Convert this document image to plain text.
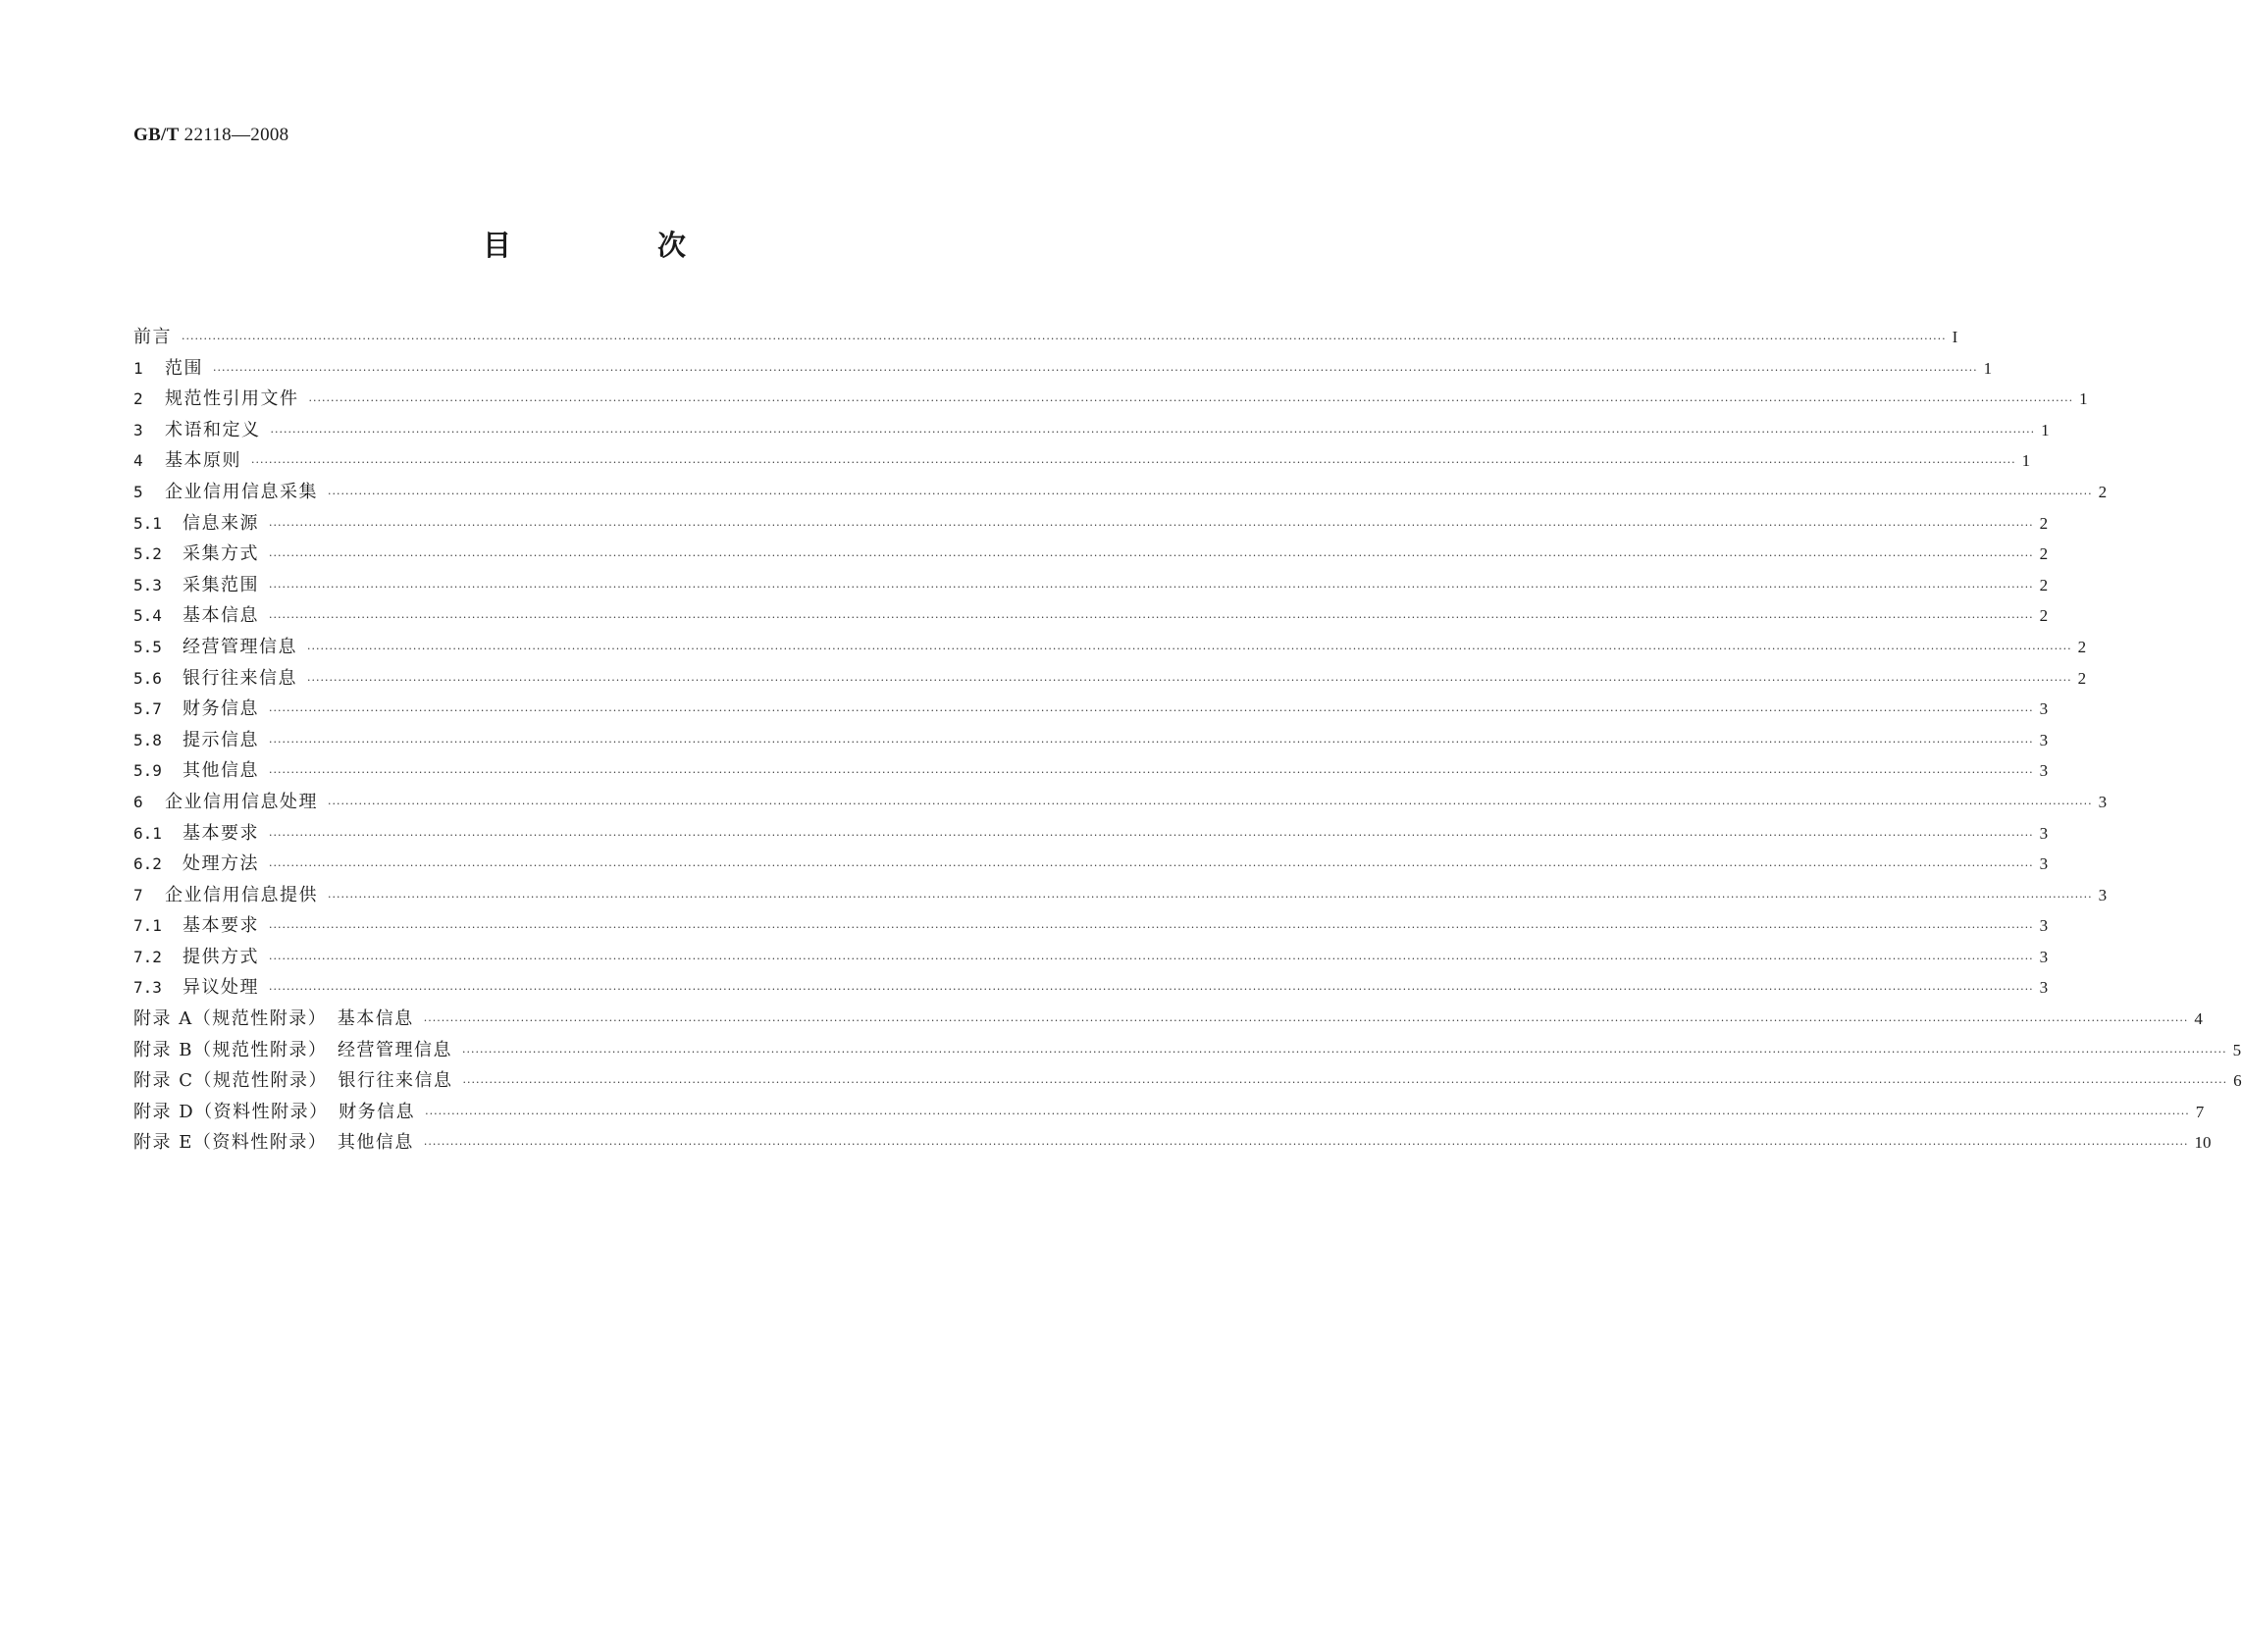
GB/T 22118—2008
目　次
前言 ················································································································································································································································································································································································································ I
1	范围 ················································································································································································································································································································································································································ 1
2	规范性引用文件 ················································································································································································································································································································································································································ 1
3	术语和定义 ················································································································································································································································································································································································································ 1
4	基本原则 ················································································································································································································································································································································································································ 1
5	企业信用信息采集 ················································································································································································································································································································································································································ 2
5.1	信息来源 ················································································································································································································································································································································································································ 2
5.2	采集方式 ················································································································································································································································································································································································································ 2
5.3	采集范围 ················································································································································································································································································································································································································ 2
5.4	基本信息 ················································································································································································································································································································································································································ 2
5.5	经营管理信息 ················································································································································································································································································································································································································ 2
5.6	银行往来信息 ················································································································································································································································································································································································································ 2
5.7	财务信息 ················································································································································································································································································································································································································ 3
5.8	提示信息 ················································································································································································································································································································································································································ 3
5.9	其他信息 ················································································································································································································································································································································································································ 3
6	企业信用信息处理 ················································································································································································································································································································································································································ 3
6.1	基本要求 ················································································································································································································································································································································································································ 3
6.2	处理方法 ················································································································································································································································································································································································································ 3
7	企业信用信息提供 ················································································································································································································································································································································································································ 3
7.1	基本要求 ················································································································································································································································································································································································································ 3
7.2	提供方式 ················································································································································································································································································································································································································ 3
7.3	异议处理 ················································································································································································································································································································································································································ 3
附录 A（规范性附录）　基本信息 ················································································································································································································································································································································································································ 4
附录 B（规范性附录）　经营管理信息 ················································································································································································································································································································································································································ 5
附录 C（规范性附录）　银行往来信息 ················································································································································································································································································································································································································ 6
附录 D（资料性附录）　财务信息 ················································································································································································································································································································································································································ 7
附录 E（资料性附录）　其他信息 ················································································································································································································································································································································································································ 10
